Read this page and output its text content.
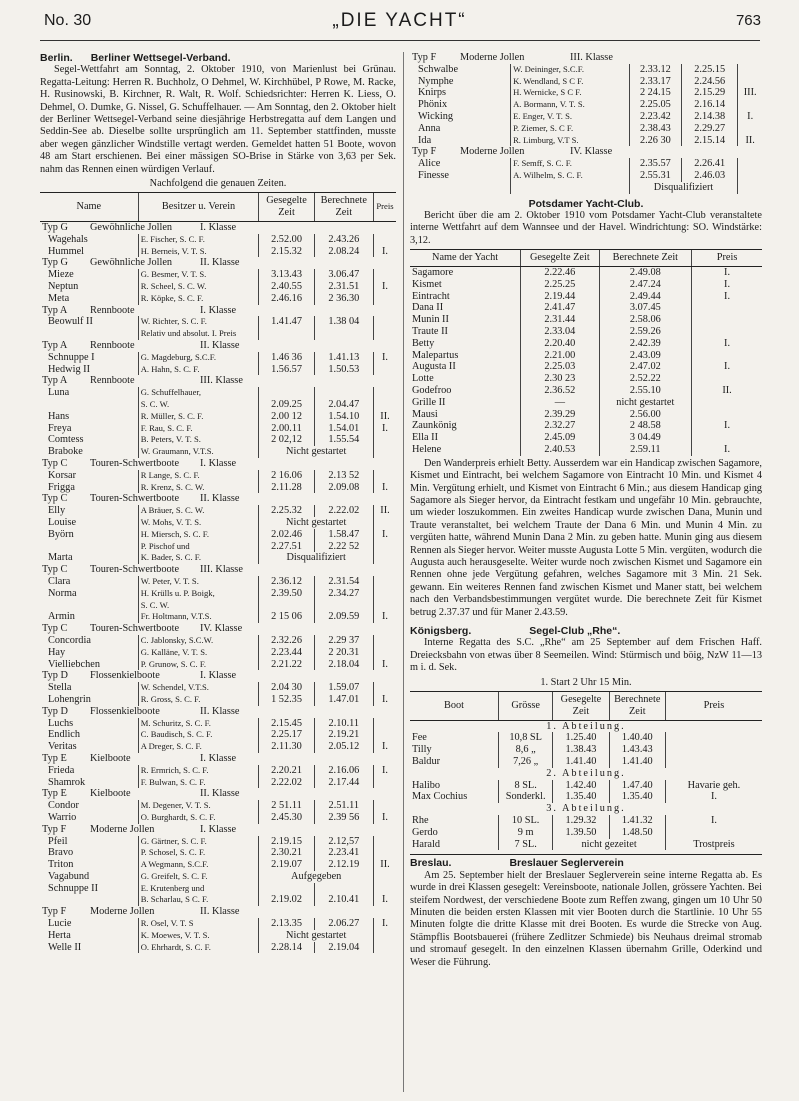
No. 30	„DIE YACHT“	763
Berlin. Berliner Wettsegel-Verband.

Segel-Wettfahrt am Sonntag, 2. Oktober 1910, von Marienlust bei Grünau. Regatta-Leitung: Herren R. Buchholz, O Dehmel, W. Kirchhübel, P Rowe, M. Racke, H. Rusinowski, B. Kirchner, R. Walt, R. Wolf. Schiedsrichter: Herren K. Liess, O. Dehmel, O. Dumke, G. Nissel, G. Schuffelhauer. — Am Sonntag, den 2. Oktober hielt der Berliner Wettsegel-Verband seine diesjährige Herbstregatta auf dem Langen und Seddin-See ab. Dieselbe sollte ursprünglich am 11. September stattfinden, musste aber wegen gänzlicher Windstille vertagt werden. Gemeldet hatten 51 Boote, wovon 48 am Start erschienen. Bei einer mässigen SO-Brise in Stärke von 3,63 per Sek. nahm das Rennen einen würdigen Verlauf.

Nachfolgend die genauen Zeiten.

Name	Besitzer u. Verein	Gesegelte Zeit	Berechnete Zeit	Preis
Typ G Gewöhnliche Jollen I. Klasse				
Wagehals	E. Fischer, S. C. F.	2.52.00	2.43.26	
Hummel	H. Berneis, V. T. S.	2.15.32	2.08.24	I.
Typ G Gewöhnliche Jollen II. Klasse				
Mieze	G. Besmer, V. T. S.	3.13.43	3.06.47	
Neptun	R. Scheel, S. C. W.	2.40.55	2.31.51	I.
Meta	R. Köpke, S. C. F.	2.46.16	2 36.30	
Typ A Rennboote I. Klasse				
Beowulf II	W. Richter, S. C. F.	1.41.47	1.38 04	
	Relativ und absolut. I. Preis			
Typ A Rennboote II. Klasse				
Schnuppe I	G. Magdeburg, S.C.F.	1.46 36	1.41.13	I.
Hedwig II	A. Hahn, S. C. F.	1.56.57	1.50.53	
Typ A Rennboote III. Klasse				
Luna	G. Schuffelhauer,			
	S. C. W.	2.09.25	2.04.47	
Hans	R. Müller, S. C. F.	2.00 12	1.54.10	II.
Freya	F. Rau, S. C. F.	2.00.11	1.54.01	I.
Comtess	B. Peters, V. T. S.	2 02,12	1.55.54	
Braboke	W. Graumann, V.T.S.	Nicht gestartet		
Typ C Touren-Schwertboote I. Klasse				
Korsar	R Lange, S. C. F.	2 16.06	2.13 52	
Frigga	R. Krenz, S. C. W.	2.11.28	2.09.08	I.
Typ C Touren-Schwertboote II. Klasse				
Elly	A Bräuer, S. C. W.	2.25.32	2.22.02	II.
Louise	W. Mohs, V. T. S.	Nicht gestartet		
Byörn	H. Miersch, S. C. F.	2.02.46	1.58.47	I.
	P. Pischof und	2.27.51	2.22 52	
Marta	K. Bader, S. C. F.	Disqualifiziert		
Typ C Touren-Schwertboote III. Klasse				
Clara	W. Peter, V. T. S.	2.36.12	2.31.54	
Norma	H. Krülls u. P. Boigk,	2.39.50	2.34.27	
	S. C. W.			
Armin	Fr. Holtmann, V.T.S.	2 15 06	2.09.59	I.
Typ C Touren-Schwertboote IV. Klasse				
Concordia	C. Jablonsky, S.C.W.	2.32.26	2.29 37	
Hay	G. Kalläne, V. T. S.	2.23.44	2 20.31	
Vielliebchen	P. Grunow, S. C. F.	2.21.22	2.18.04	I.
Typ D Flossenkielboote I. Klasse				
Stella	W. Schendel, V.T.S.	2.04 30	1.59.07	
Lohengrin	R. Gross, S. C. F.	1 52.35	1.47.01	I.
Typ D Flossenkielboote II. Klasse				
Luchs	M. Schuritz, S. C. F.	2.15.45	2.10.11	
Endlich	C. Baudisch, S. C. F.	2.25.17	2.19.21	
Veritas	A Dreger, S. C. F.	2.11.30	2.05.12	I.
Typ E Kielboote I. Klasse				
Frieda	R. Ermrich, S. C. F.	2.20.21	2.16.06	I.
Shamrok	F. Bulwan, S. C. F.	2.22.02	2.17.44	
Typ E Kielboote II. Klasse				
Condor	M. Degener, V. T. S.	2 51.11	2.51.11	
Warrio	O. Burghardt, S. C. F.	2.45.30	2.39 56	I.
Typ F Moderne Jollen I. Klasse				
Pfeil	G. Gärtner, S. C. F.	2.19.15	2.12,57	
Bravo	P. Schosel, S. C. F.	2.30.21	2.23.41	
Triton	A Wegmann, S.C.F.	2.19.07	2.12.19	II.
Vagabund	G. Greifelt, S. C. F.	Aufgegeben		
Schnuppe II	E. Krutenberg und			
	B. Scharlau, S C. F.	2.19.02	2.10.41	I.
Typ F Moderne Jollen II. Klasse				
Lucie	R. Osel, V. T. S	2.13.35	2.06.27	I.
Herta	K. Moewes, V. T. S.	Nicht gestartet		
Welle II	O. Ehrhardt, S. C. F.	2.28.14	2.19.04	
Typ F Moderne Jollen III. Klasse				
Schwalbe	W. Deininger, S.C.F.	2.33.12	2.25.15	
Nymphe	K. Wendland, S C F.	2.33.17	2.24.56	
Knirps	H. Wernicke, S C F.	2 24.15	2.15.29	III.
Phönix	A. Bormann, V. T. S.	2.25.05	2.16.14	
Wicking	E. Enger, V. T. S.	2.23.42	2.14.38	I.
Anna	P. Ziemer, S. C F.	2.38.43	2.29.27	
Ida	R. Limburg, V.T S.	2.26 30	2.15.14	II.
Typ F Moderne Jollen IV. Klasse				
Alice	F. Semff, S. C. F.	2.35.57	2.26.41	
Finesse	A. Wilhelm, S. C. F.	2.55.31	2.46.03	
		Disqualifiziert		
Potsdamer Yacht-Club.

Bericht über die am 2. Oktober 1910 vom Potsdamer Yacht-Club veranstaltete interne Wettfahrt auf dem Wannsee und der Havel. Windrichtung: SO. Windstärke: 3,12.

Name der Yacht	Gesegelte Zeit	Berechnete Zeit	Preis
Sagamore	2.22.46	2.49.08	I.
Kismet	2.25.25	2.47.24	I.
Eintracht	2.19.44	2.49.44	I.
Dana II	2.41.47	3.07.45	
Munin II	2.31.44	2.58.06	
Traute II	2.33.04	2.59.26	
Betty	2.20.40	2.42.39	I.
Malepartus	2.21.00	2.43.09	
Augusta II	2.25.03	2.47.02	I.
Lotte	2.30 23	2.52.22	
Godefroo	2.36.52	2.55.10	II.
Grille II	—	nicht gestartet	
Mausi	2.39.29	2.56.00	
Zaunkönig	2.32.27	2 48.58	I.
Ella II	2.45.09	3 04.49	
Helene	2.40.53	2.59.11	I.

Den Wanderpreis erhielt Betty. Ausserdem war ein Handicap zwischen Sagamore, Kismet und Eintracht, bei welchem Sagamore von Eintracht 10 Min. und Kismet 4 Min. Vergütung erhielt, und Kismet von Eintracht 6 Min.; aus diesem Handicap ging Sagamore als Sieger hervor, da Eintracht festkam und ungefähr 10 Min. gebrauchte, um wieder loszukommen. Ein zweites Handicap wurde zwischen Dana, Munin und Traute veranstaltet, bei welchem Traute der Dana 6 Min. und Munin 4 Min. zu vergüten hatte, während Munin Dana 2 Min. zu geben hatte. Munin ging aus diesem Rennen als Sieger hervor. Weiter musste Augusta Lotte 5 Min. vergüten, wodurch die Augusta auch herausgeselte. Weiter wurde noch zwischen Kismet und Sagamore ein Rennen ohne jede Vergütung gefahren, welches Sagamore mit 3 Min. 21 Sek. gewann. Ein weiteres Rennen fand zwischen Kismet und Maner statt, bei welchem nach den Verbandsbestimmungen vergütet wurde. Die berechnete Zeit für Kismet betrug 2.37.37 und für Maner 2.43.59.

Königsberg.	Segel-Club „Rhe“.

Interne Regatta des S.C. „Rhe“ am 25 September auf dem Frischen Haff. Dreiecksbahn von etwas über 8 Seemeilen. Wind: Stürmisch und böig, NzW 11—13 m i. d. Sek.

1. Start 2 Uhr 15 Min.

Boot	Grösse	Gesegelte Zeit	Berechnete Zeit	Preis
1. Abteilung.				
Fee	10,8 SL	1.25.40	1.40.40	
Tilly	8,6 „	1.38.43	1.43.43	
Baldur	7,26 „	1.41.40	1.41.40	
2. Abteilung.				
Halibo	8 SL.	1.42.40	1.47.40	Havarie geh.
Max Cochius	Sonderkl.	1.35.40	1.35.40	I.
3. Abteilung.				
Rhe	10 SL.	1.29.32	1.41.32	I.
Gerdo	9 m	1.39.50	1.48.50	
Harald	7 SL.	nicht gezeitet		Trostpreis
Breslau.	Breslauer Seglerverein

Am 25. September hielt der Breslauer Seglerverein seine interne Regatta ab. Es wurde in drei Klassen gesegelt: Vereinsboote, nationale Jollen, grössere Yachten. Bei steifem Nordwest, der verschiedene Boote zum Reffen zwang, gingen um 10 Uhr 50 Minuten die beiden ersten Klassen mit vier Booten durch die Startlinie. 10 Uhr 55 Minuten folgte die dritte Klasse mit drei Booten. Es wurde die Strecke von Aug. Stämpflis Bootsbauerei (frühere Zedlitzer Schmiede) bis Neuhaus dreimal stromab und stromauf gesegelt. In den einzelnen Klassen übernahm Grille, Oderkind und Weser die Führung.
